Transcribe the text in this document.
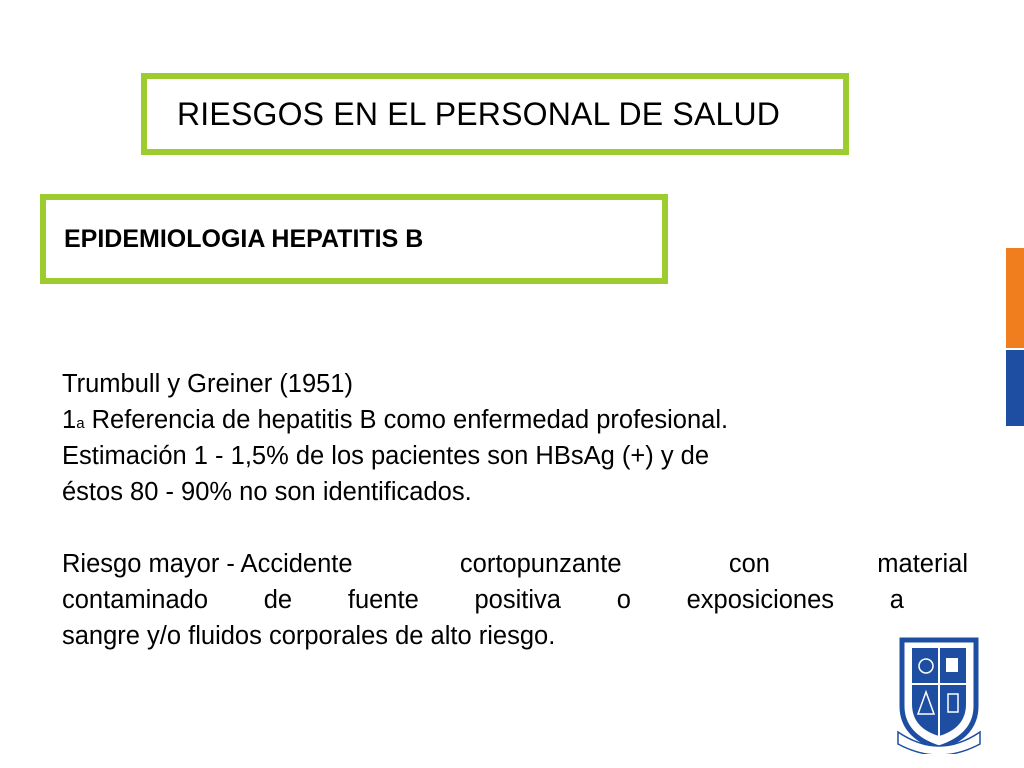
RIESGOS EN EL PERSONAL DE SALUD
EPIDEMIOLOGIA HEPATITIS B

Trumbull y Greiner (1951)

1$^a$ Referencia de hepatitis B como enfermedad profesional.

Estimación 1 - 1,5% de los pacientes son HBsAg (+) y de

éstos 80 - 90% no son identificados.

Riesgo mayor - Accidente	cortopunzante	con	material

contaminado de fuente positiva o exposiciones a

sangre y/o fluidos corporales de alto riesgo.
